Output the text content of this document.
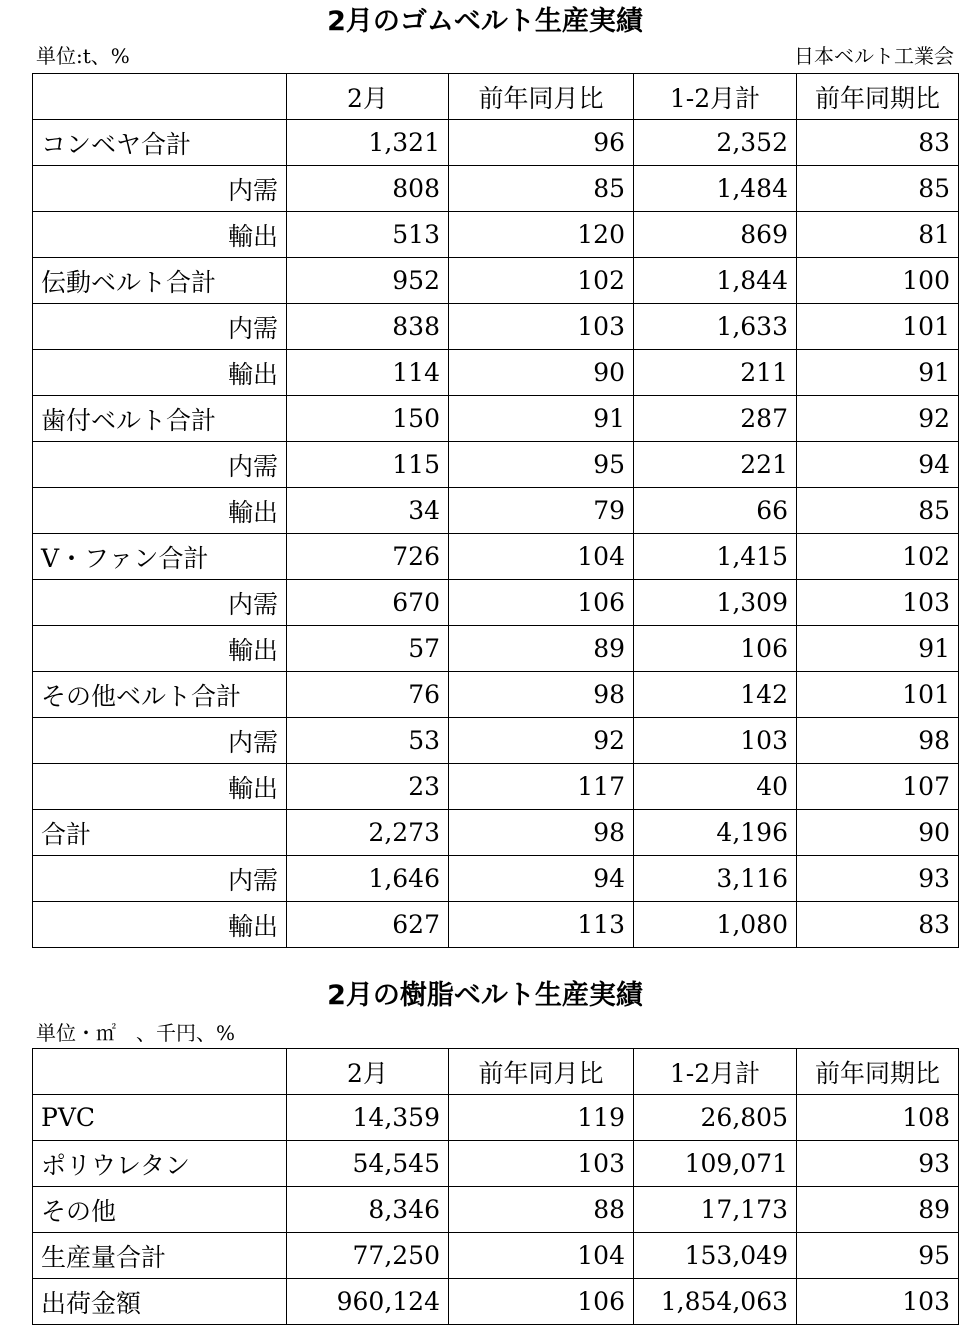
2月のゴムベルト生産実績
単位:t、%	日本ベルト工業会
	2月	前年同月比	1-2月計	前年同期比
コンベヤ合計	1,321	96	2,352	83
内需	808	85	1,484	85
輸出	513	120	869	81
伝動ベルト合計	952	102	1,844	100
内需	838	103	1,633	101
輸出	114	90	211	91
歯付ベルト合計	150	91	287	92
内需	115	95	221	94
輸出	34	79	66	85
V・ファン合計	726	104	1,415	102
内需	670	106	1,309	103
輸出	57	89	106	91
その他ベルト合計	76	98	142	101
内需	53	92	103	98
輸出	23	117	40	107
合計	2,273	98	4,196	90
内需	1,646	94	3,116	93
輸出	627	113	1,080	83
2月の樹脂ベルト生産実績
単位・㎡　、千円、%
	2月	前年同月比	1-2月計	前年同期比
PVC	14,359	119	26,805	108
ポリウレタン	54,545	103	109,071	93
その他	8,346	88	17,173	89
生産量合計	77,250	104	153,049	95
出荷金額	960,124	106	1,854,063	103
